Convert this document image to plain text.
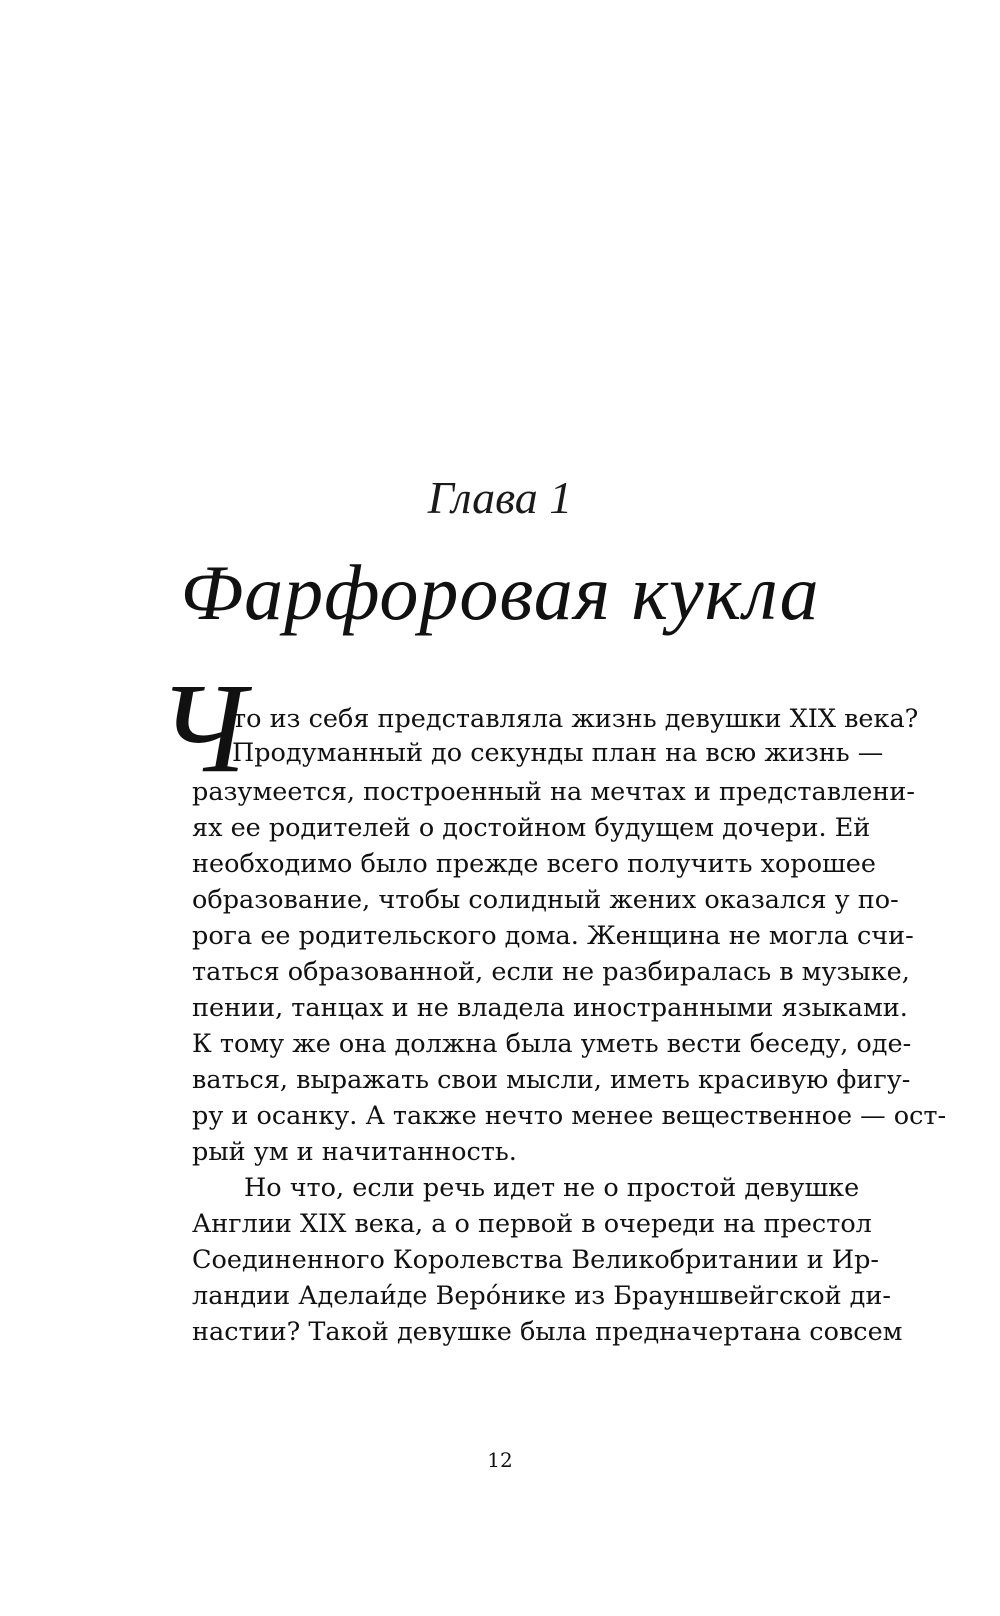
Глава 1
Фарфоровая кукла
Ч
то из себя представляла жизнь девушки XIX века?
Продуманный до секунды план на всю жизнь —
разумеется, построенный на мечтах и представлени-
ях ее родителей о достойном будущем дочери. Ей
необходимо было прежде всего получить хорошее
образование, чтобы солидный жених оказался у по-
рога ее родительского дома. Женщина не могла счи-
таться образованной, если не разбиралась в музыке,
пении, танцах и не владела иностранными языками.
К тому же она должна была уметь вести беседу, оде-
ваться, выражать свои мысли, иметь красивую фигу-
ру и осанку. А также нечто менее вещественное — ост-
рый ум и начитанность.
Но что, если речь идет не о простой девушке
Англии XIX века, а о первой в очереди на престол
Соединенного Королевства Великобритании и Ир-
ландии Аделаи́де Веро́нике из Брауншвейгской ди-
настии? Такой девушке была предначертана совсем
12
